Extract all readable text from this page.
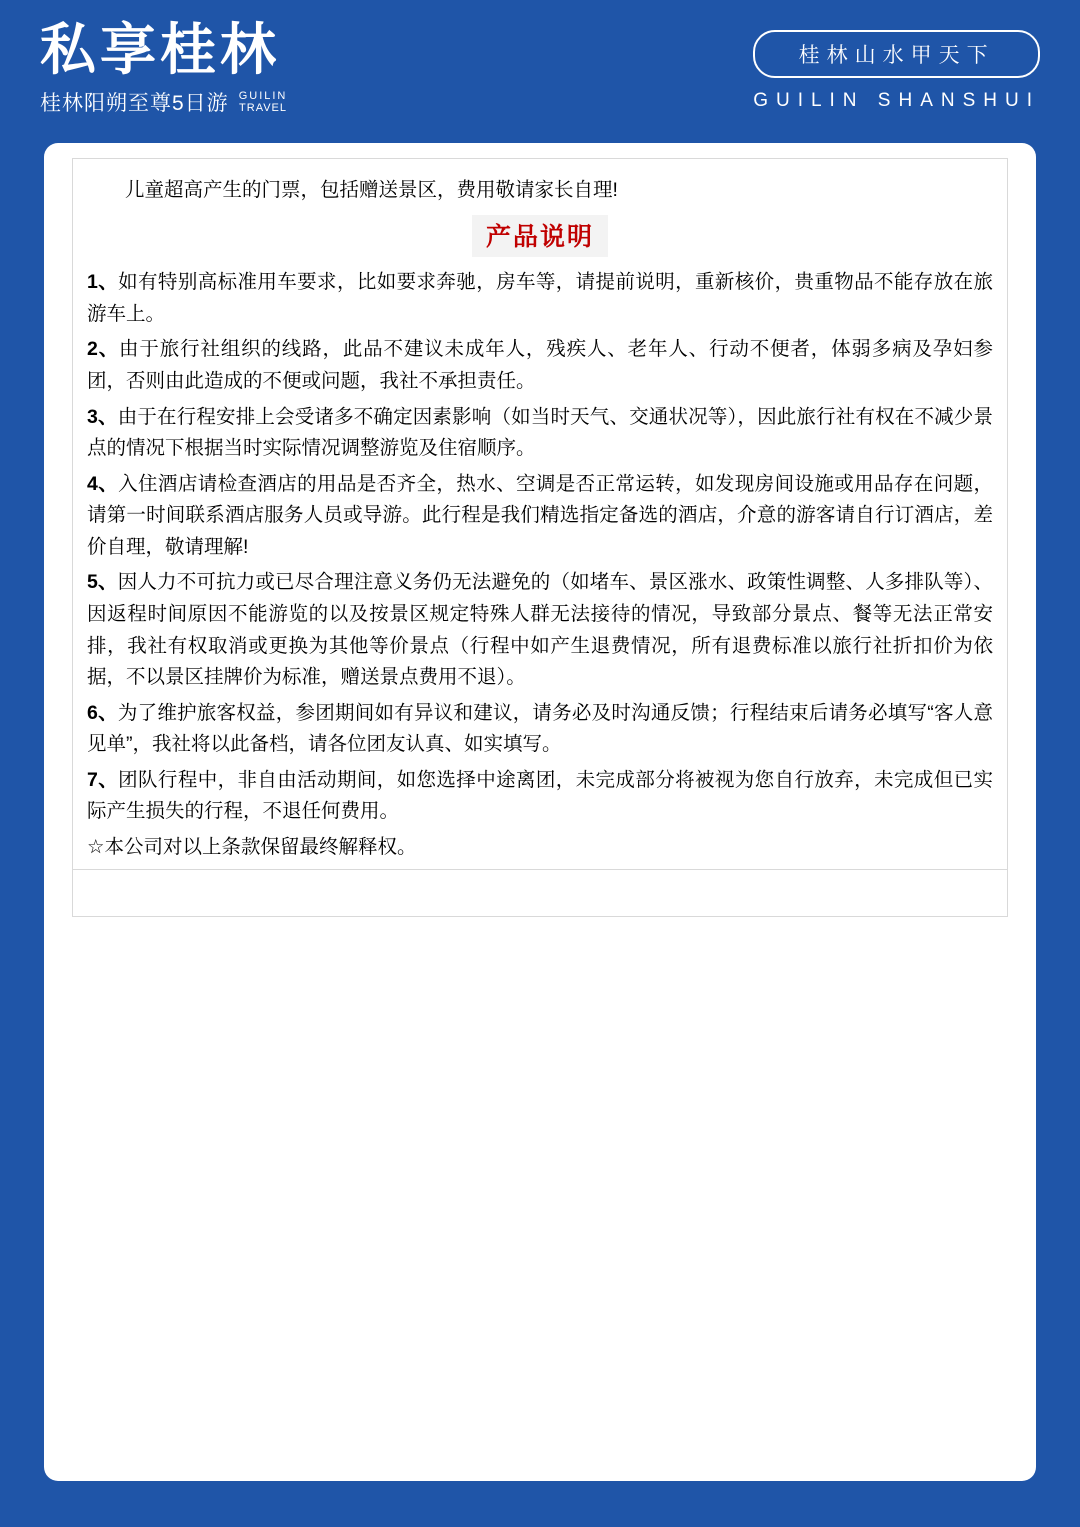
私享桂林
桂林阳朔至尊5日游 GUILIN
TRAVEL
桂林山水甲天下
GUILIN SHANSHUI
儿童超高产生的门票，包括赠送景区，费用敬请家长自理!
产品说明

1、如有特别高标准用车要求，比如要求奔驰，房车等，请提前说明，重新核价，贵重物品不能存放在旅游车上。

2、由于旅行社组织的线路，此品不建议未成年人，残疾人、老年人、行动不便者，体弱多病及孕妇参团，否则由此造成的不便或问题，我社不承担责任。

3、由于在行程安排上会受诸多不确定因素影响（如当时天气、交通状况等），因此旅行社有权在不减少景点的情况下根据当时实际情况调整游览及住宿顺序。

4、入住酒店请检查酒店的用品是否齐全，热水、空调是否正常运转，如发现房间设施或用品存在问题，请第一时间联系酒店服务人员或导游。此行程是我们精选指定备选的酒店，介意的游客请自行订酒店，差价自理，敬请理解!

5、因人力不可抗力或已尽合理注意义务仍无法避免的（如堵车、景区涨水、政策性调整、人多排队等）、因返程时间原因不能游览的以及按景区规定特殊人群无法接待的情况，导致部分景点、餐等无法正常安排，我社有权取消或更换为其他等价景点（行程中如产生退费情况，所有退费标准以旅行社折扣价为依据，不以景区挂牌价为标准，赠送景点费用不退）。

6、为了维护旅客权益，参团期间如有异议和建议，请务必及时沟通反馈；行程结束后请务必填写“客人意见单”，我社将以此备档，请各位团友认真、如实填写。

7、团队行程中，非自由活动期间，如您选择中途离团，未完成部分将被视为您自行放弃，未完成但已实际产生损失的行程，不退任何费用。

☆本公司对以上条款保留最终解释权。
